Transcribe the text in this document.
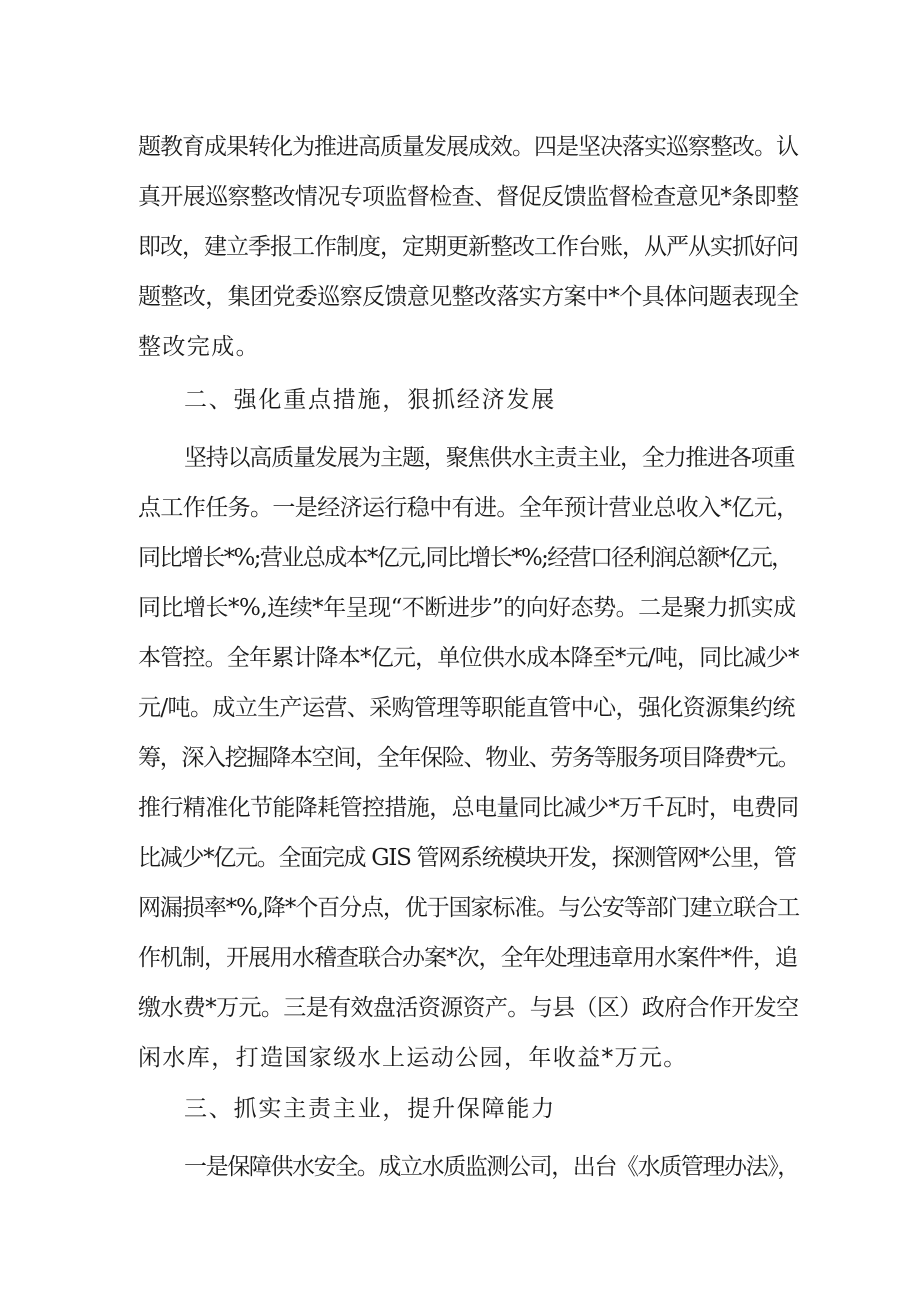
题教育成果转化为推进高质量发展成效。四是坚决落实巡察整改。认
真开展巡察整改情况专项监督检查、督促反馈监督检查意见*条即整
即改，建立季报工作制度，定期更新整改工作台账，从严从实抓好问
题整改，集团党委巡察反馈意见整改落实方案中*个具体问题表现全
整改完成。
二、强化重点措施，狠抓经济发展
坚持以高质量发展为主题，聚焦供水主责主业，全力推进各项重
点工作任务。一是经济运行稳中有进。全年预计营业总收入*亿元，
同比增长*%;营业总成本*亿元,同比增长*%;经营口径利润总额*亿元，
同比增长*%,连续*年呈现“不断进步”的向好态势。二是聚力抓实成
本管控。全年累计降本*亿元，单位供水成本降至*元/吨，同比减少*
元/吨。成立生产运营、采购管理等职能直管中心，强化资源集约统
筹，深入挖掘降本空间，全年保险、物业、劳务等服务项目降费*元。
推行精准化节能降耗管控措施，总电量同比减少*万千瓦时，电费同
比减少*亿元。全面完成 GIS 管网系统模块开发，探测管网*公里，管
网漏损率*%,降*个百分点，优于国家标准。与公安等部门建立联合工
作机制，开展用水稽查联合办案*次，全年处理违章用水案件*件，追
缴水费*万元。三是有效盘活资源资产。与县（区）政府合作开发空
闲水库，打造国家级水上运动公园，年收益*万元。
三、抓实主责主业，提升保障能力
一是保障供水安全。成立水质监测公司，出台《水质管理办法》，
